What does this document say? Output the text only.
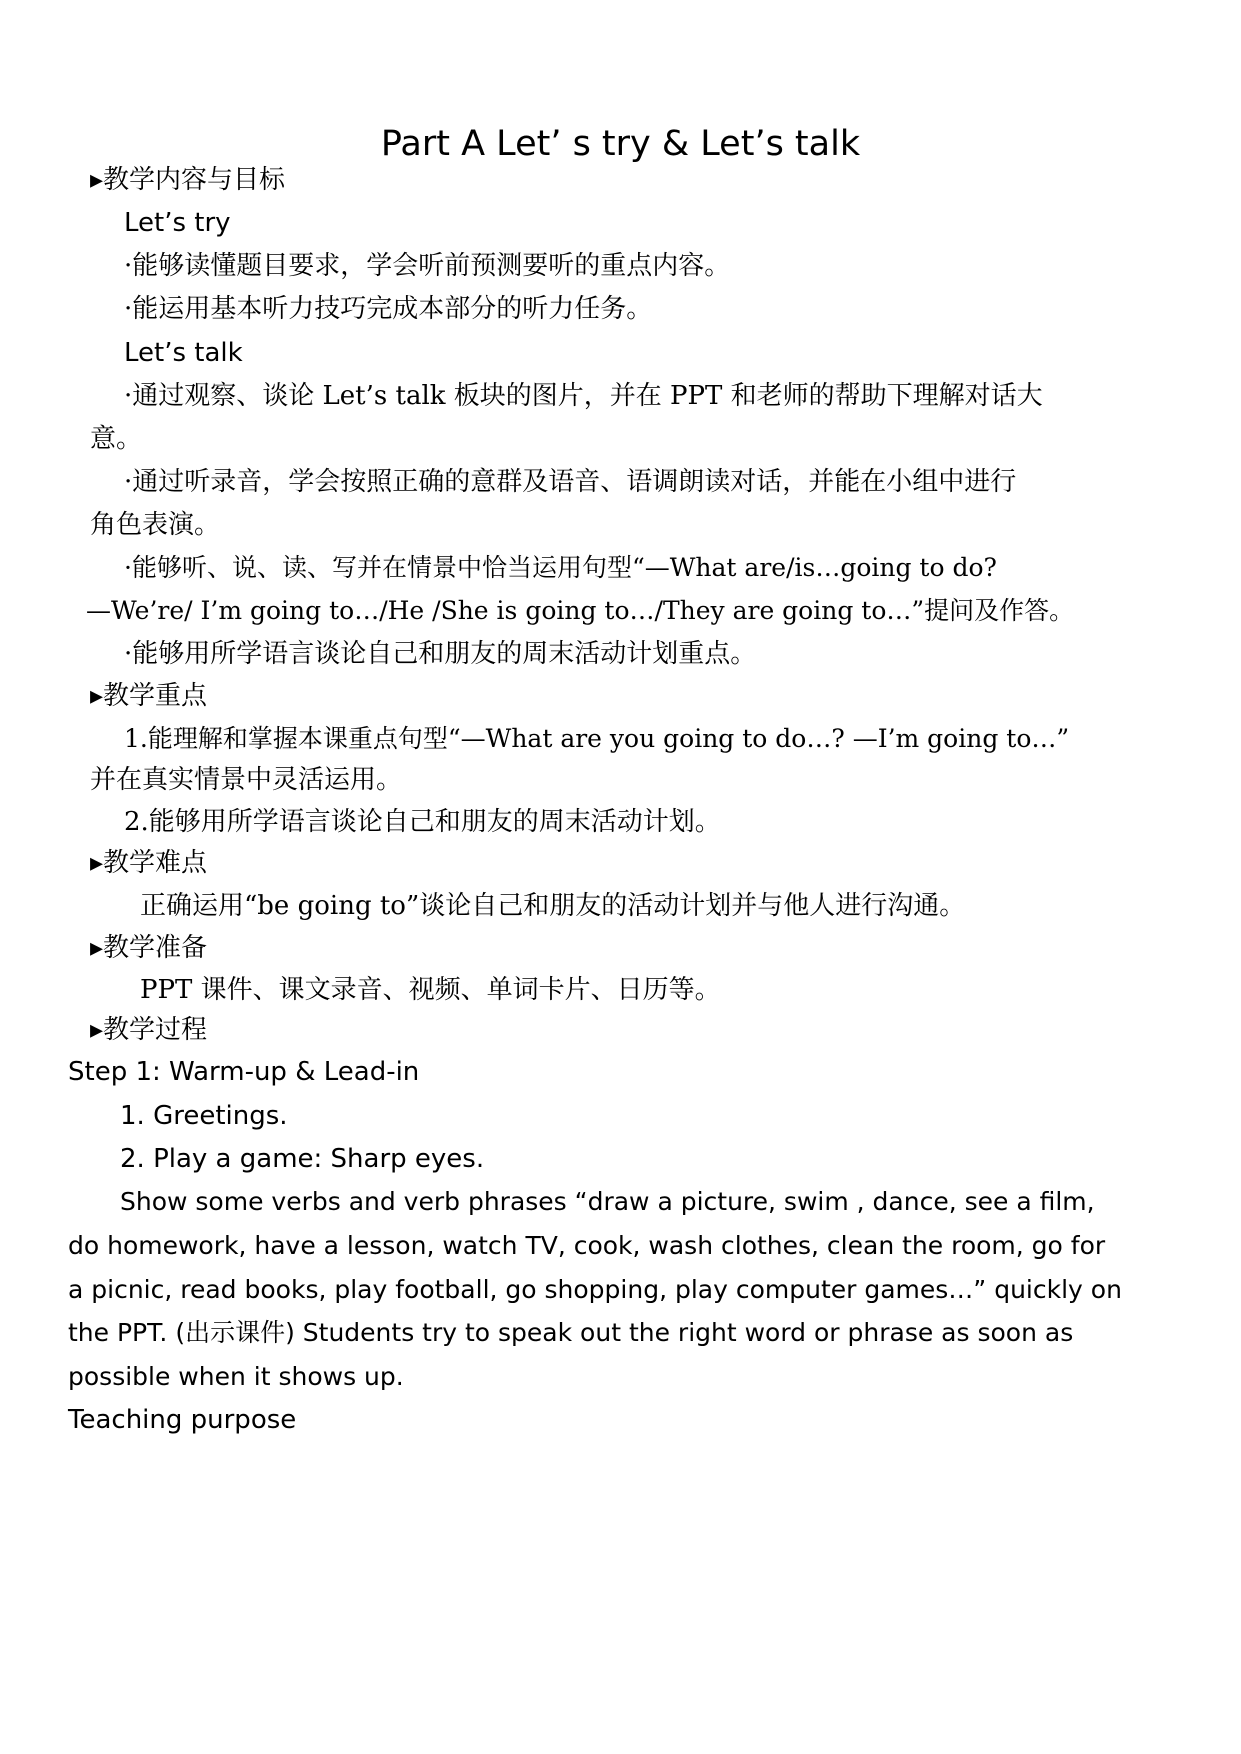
Part A Let’ s try & Let’s talk
▸教学内容与目标
Let’s try
·能够读懂题目要求，学会听前预测要听的重点内容。
·能运用基本听力技巧完成本部分的听力任务。
Let’s talk
·通过观察、谈论 Let’s talk 板块的图片，并在 PPT 和老师的帮助下理解对话大
意。
·通过听录音，学会按照正确的意群及语音、语调朗读对话，并能在小组中进行
角色表演。
·能够听、说、读、写并在情景中恰当运用句型“—What are/is…going to do?
—We’re/ I’m going to…/He /She is going to…/They are going to…”提问及作答。
·能够用所学语言谈论自己和朋友的周末活动计划重点。
▸教学重点
1.能理解和掌握本课重点句型“—What are you going to do…? —I’m going to…”
并在真实情景中灵活运用。
2.能够用所学语言谈论自己和朋友的周末活动计划。
▸教学难点
正确运用“be going to”谈论自己和朋友的活动计划并与他人进行沟通。
▸教学准备
PPT 课件、课文录音、视频、单词卡片、日历等。
▸教学过程
Step 1: Warm-up & Lead-in
1. Greetings.
2. Play a game: Sharp eyes.
Show some verbs and verb phrases “draw a picture, swim , dance, see a film,
do homework, have a lesson, watch TV, cook, wash clothes, clean the room, go for
a picnic, read books, play football, go shopping, play computer games…” quickly on
the PPT. (出示课件) Students try to speak out the right word or phrase as soon as
possible when it shows up.
Teaching purpose
